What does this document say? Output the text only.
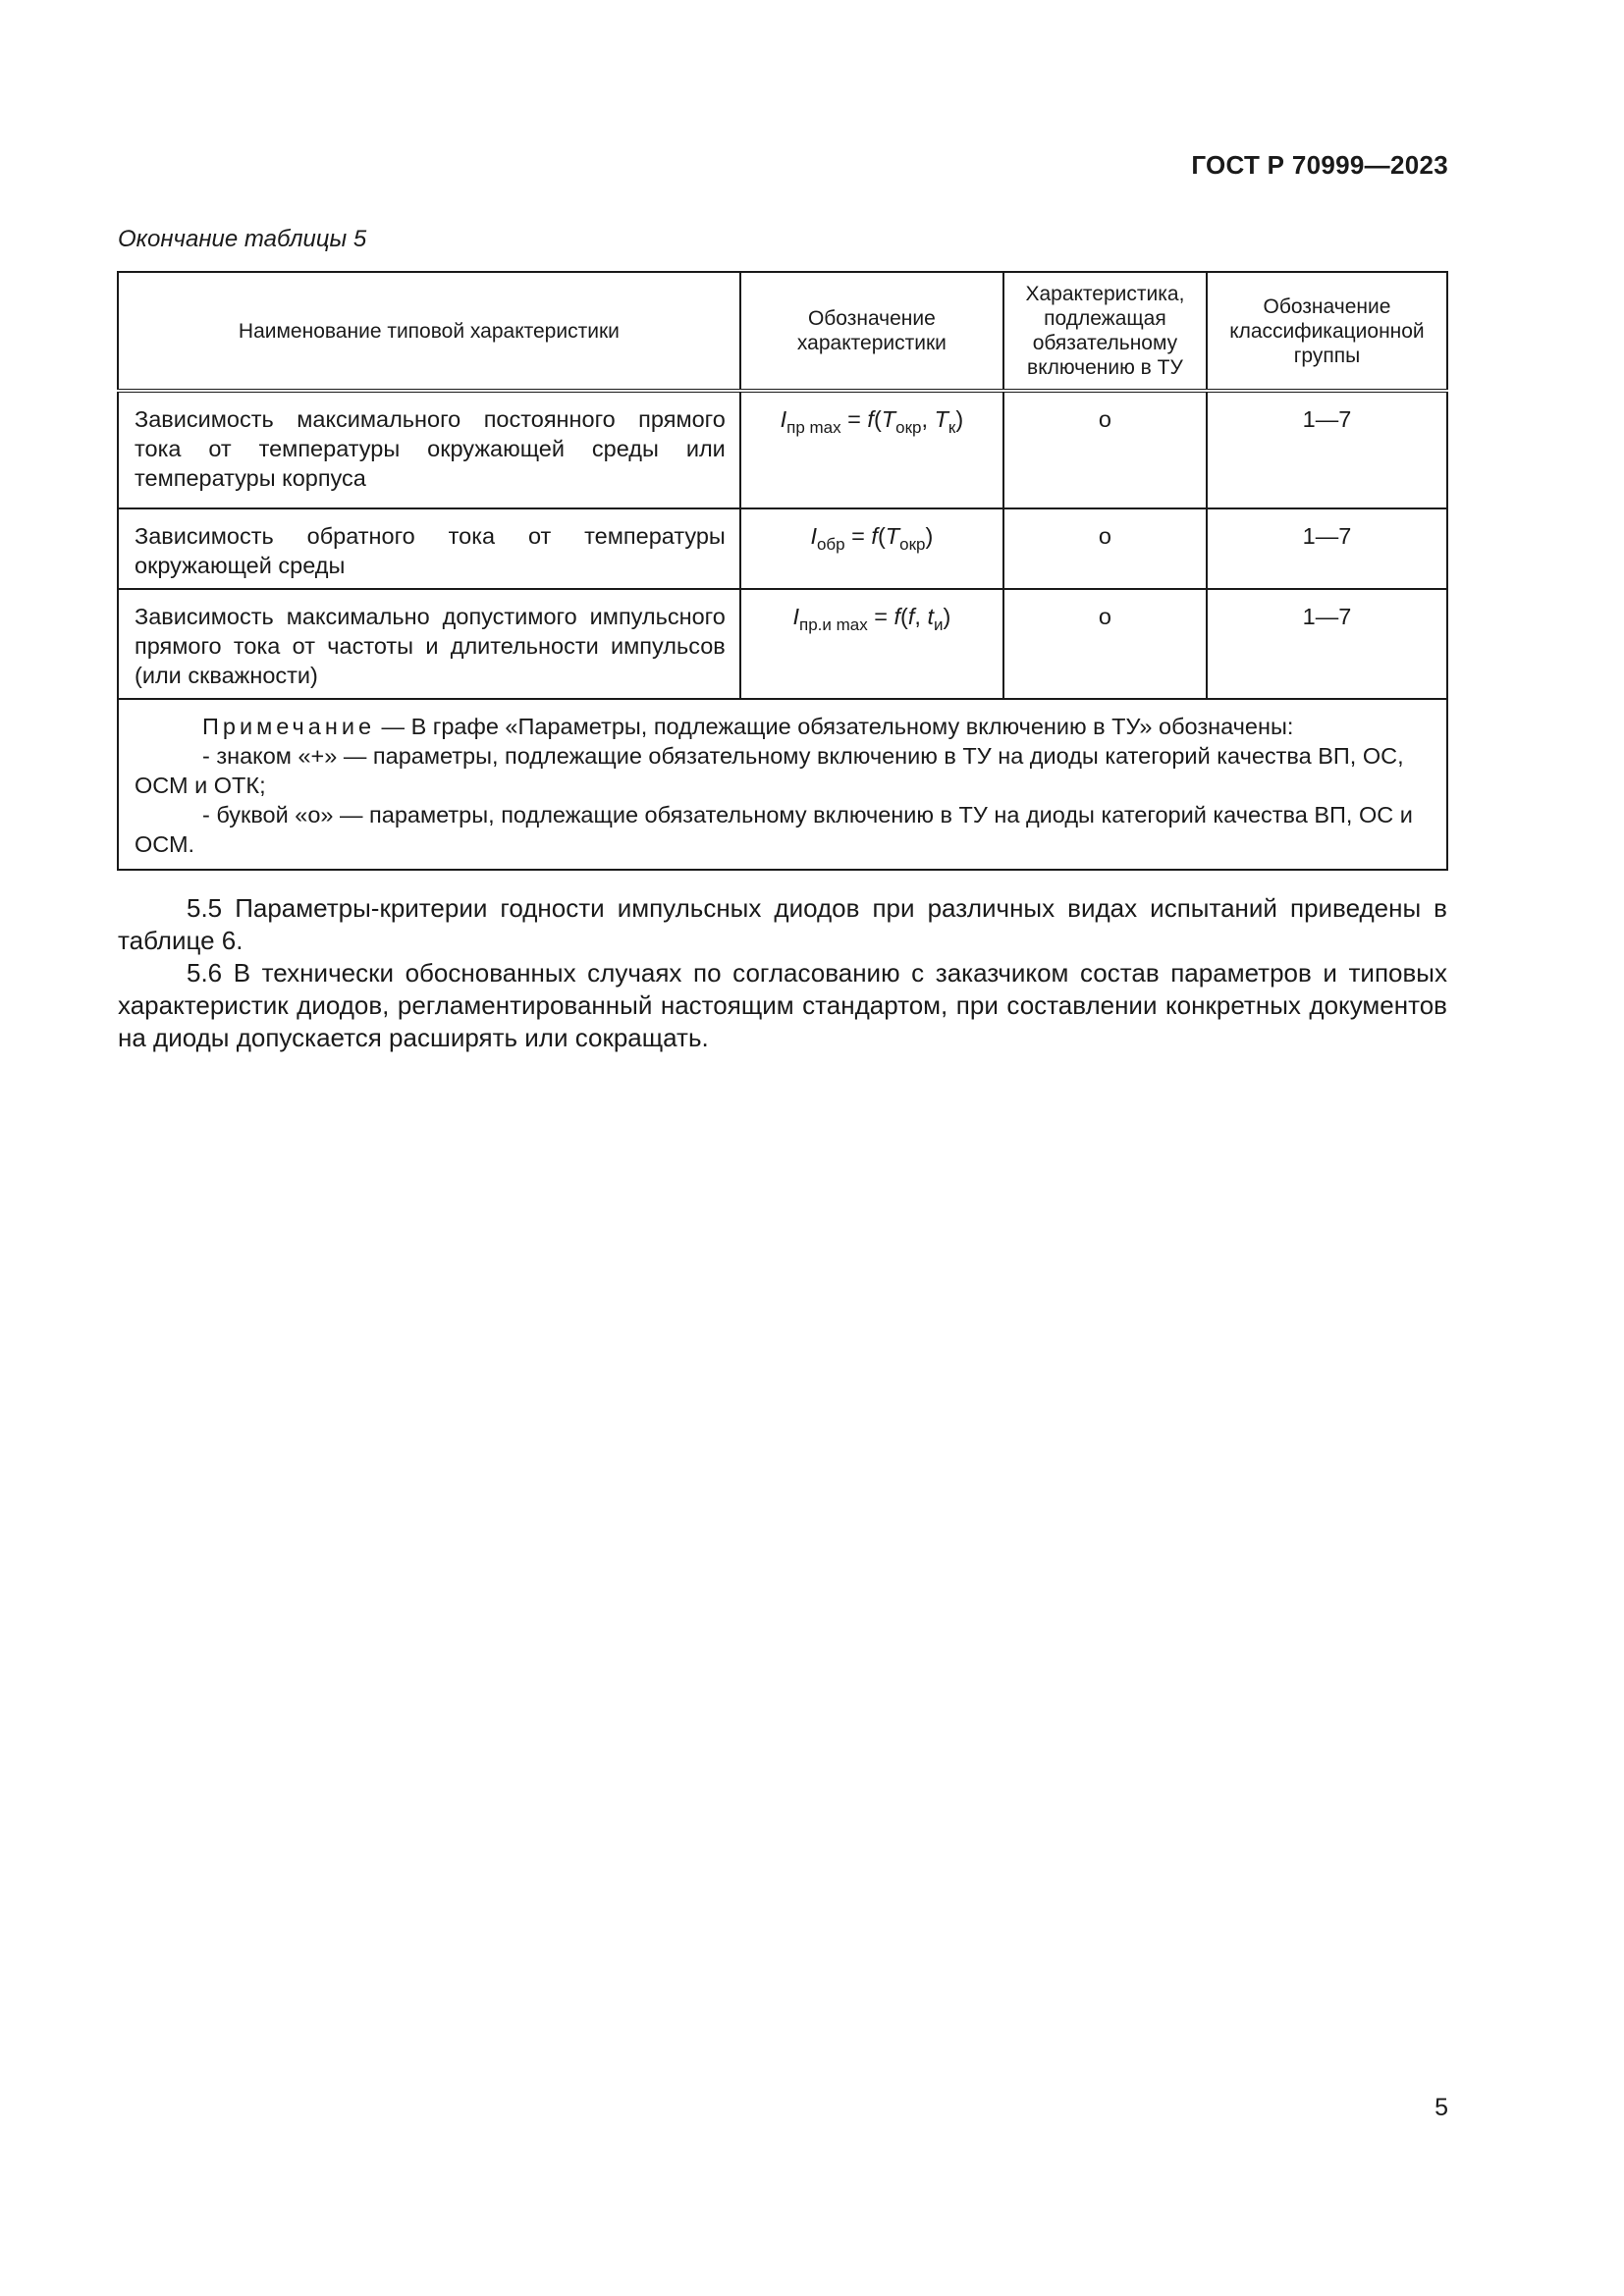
ГОСТ Р 70999—2023
Окончание таблицы 5
Наименование типовой характеристики	Обозначение характеристики	Характеристика, подлежащая обязательному включению в ТУ	Обозначение классификационной группы
Зависимость максимального постоянного прямого тока от температуры окружающей среды или температуры корпуса	$I_{пр max} = f(T_{окр}$, $T_к$)	о	1—7
Зависимость обратного тока от температуры окружающей среды	$I_{обр} = f(T_{окр})$	о	1—7
Зависимость максимально допустимого импульсного прямого тока от частоты и длительности импульсов (или скважности)	$I_{пр.и max} = f(f$, $t_и$)	о	1—7

Примечание — В графе «Параметры, подлежащие обязательному включению в ТУ» обозначены:
- знаком «+» — параметры, подлежащие обязательному включению в ТУ на диоды категорий качества ВП, ОС, ОСМ и ОТК;
- буквой «о» — параметры, подлежащие обязательному включению в ТУ на диоды категорий качества ВП, ОС и ОСМ.			
5.5 Параметры-критерии годности импульсных диодов при различных видах испытаний приведены в таблице 6.
5.6 В технически обоснованных случаях по согласованию с заказчиком состав параметров и типовых характеристик диодов, регламентированный настоящим стандартом, при составлении конкретных документов на диоды допускается расширять или сокращать.
5
